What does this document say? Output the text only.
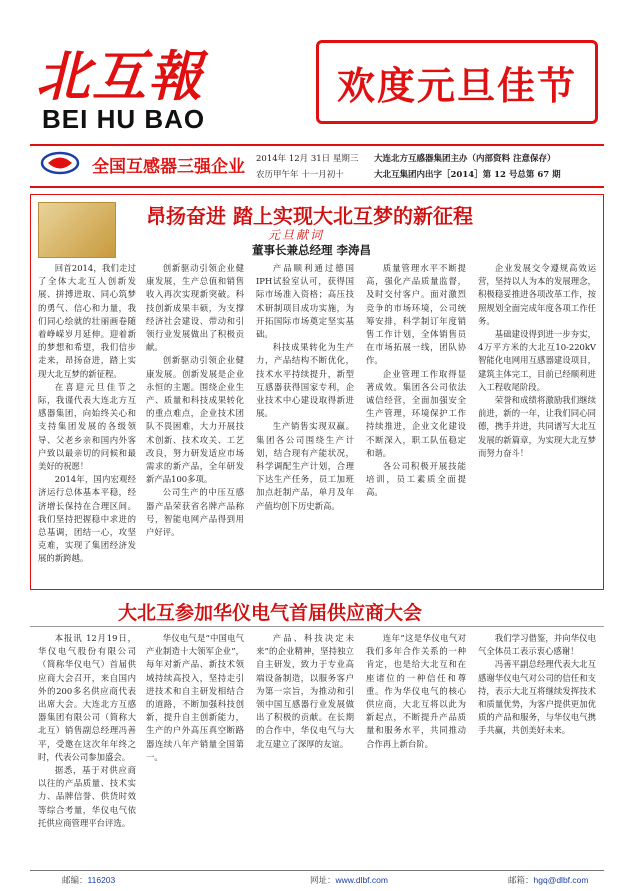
北互報
BEI HU BAO
欢度元旦佳节
全国互感器三强企业 2014年 12月 31日 星期三
农历甲午年 十一月初十
大连北方互感器集团主办（内部资料 注意保存）
大北互集团内出字［2014］第 12 号总第 67 期
昂扬奋进 踏上实现大北互梦的新征程
元旦献词
董事长兼总经理 李涛昌

回首2014，我们走过了全体大北互人创新发展、拼搏进取、同心筑梦的勇气、信心和力量，我们同心绘就的壮丽画卷随着峥嵘岁月延伸。迎着新的梦想和希望，我们信步走来，昂扬奋进，踏上实现大北互梦的新征程。

在喜迎元旦佳节之际，我谨代表大连北方互感器集团，向始终关心和支持集团发展的各级领导、父老乡亲和国内外客户致以最亲切的问候和最美好的祝愿！

2014年，国内宏观经济运行总体基本平稳，经济增长保持在合理区间。我们坚持把握稳中求进的总基调，团结一心，攻坚克难，实现了集团经济发展的新跨越。

创新驱动引领企业健康发展，生产总值和销售收入再次实现新突破。科技创新成果丰硕，为支撑经济社会建设、带动和引领行业发展做出了积极贡献。

创新驱动引领企业健康发展。创新发展是企业永恒的主题。围绕企业生产、质量和科技成果转化的重点难点，企业技术团队不畏困难，大力开展技术创新、技术攻关、工艺改良，努力研发适应市场需求的新产品，全年研发新产品100多项。

公司生产的中压互感器产品荣获省名牌产品称号，智能电网产品得到用户好评。

产品顺利通过德国IPH试验室认可，获得国际市场准入资格；高压技术研制项目成功实施，为开拓国际市场奠定坚实基础。

科技成果转化为生产力，产品结构不断优化，技术水平持续提升，新型互感器获得国家专利，企业技术中心建设取得新进展。

生产销售实现双赢。集团各公司围绕生产计划，结合现有产能状况，科学调配生产计划，合理下达生产任务，员工加班加点赶制产品，单月及年产值均创下历史新高。

质量管理水平不断提高，强化产品质量监督，及时交付客户。面对激烈竞争的市场环境，公司统筹安排，科学制订年度销售工作计划，全体销售员在市场拓展一线，团队协作。

企业管理工作取得显著成效。集团各公司依法诚信经营，全面加强安全生产管理，环境保护工作持续推进，企业文化建设不断深入，职工队伍稳定和谐。

各公司积极开展技能培训，员工素质全面提高。

企业发展交令遵规高效运营，坚持以人为本的发展理念，积极稳妥推进各项改革工作，按照规划全面完成年度各项工作任务。

基础建设得到进一步夯实，4万平方米的大北互10-220kV智能化电网用互感器建设项目，建筑主体完工，目前已经顺利进入工程收尾阶段。

荣誉和成绩将激励我们继续前进，新的一年，让我们同心同德，携手并进，共同谱写大北互发展的新篇章，为实现大北互梦而努力奋斗！

大北互参加华仪电气首届供应商大会

本报讯 12月19日，华仪电气股份有限公司（简称华仪电气）首届供应商大会召开，来自国内外的200多名供应商代表出席大会。大连北方互感器集团有限公司（简称大北互）销售副总经理冯善平，受邀在这次年年终之时，代表公司参加盛会。

据悉，基于对供应商以往的产品质量、技术实力、品牌信誉、供货时效等综合考量，华仪电气依托供应商管理平台评选。

华仪电气是“中国电气产业制造十大领军企业”，每年对新产品、新技术领域持续高投入，坚持走引进技术和自主研发相结合的道路，不断加强科技创新，提升自主创新能力，生产的户外高压真空断路器连续八年产销量全国第一。

产品、科技决定未来”的企业精神，坚持独立自主研发，致力于专业高端设备制造，以服务客户为第一宗旨，为推动和引领中国互感器行业发展做出了积极的贡献。在长期的合作中，华仪电气与大北互建立了深厚的友谊。

连年”这是华仪电气对我们多年合作关系的一种肯定，也是给大北互和在座诸位的一种信任和尊重。作为华仪电气的核心供应商，大北互将以此为新起点，不断提升产品质量和服务水平，共同推动合作再上新台阶。

我们学习借鉴，并向华仪电气全体员工表示衷心感谢！

冯善平副总经理代表大北互感谢华仪电气对公司的信任和支持，表示大北互将继续发挥技术和质量优势，为客户提供更加优质的产品和服务，与华仪电气携手共赢，共创美好未来。

邮编：116203	网址：www.dlbf.com	邮箱：hgq@dlbf.com
